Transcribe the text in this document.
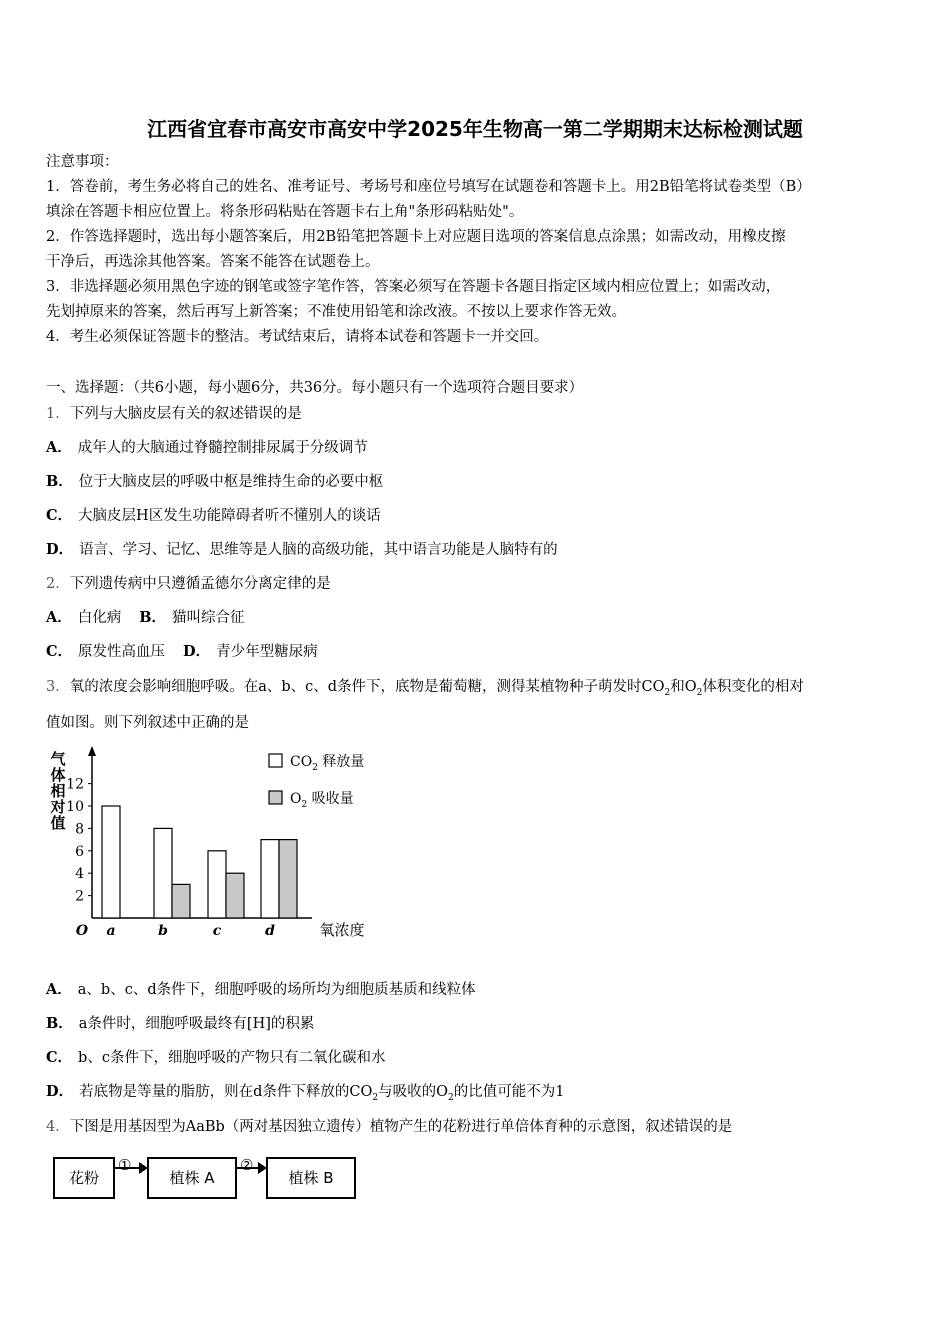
江西省宜春市高安市高安中学2025年生物高一第二学期期末达标检测试题
注意事项：
1．答卷前，考生务必将自己的姓名、准考证号、考场号和座位号填写在试题卷和答题卡上。用2B铅笔将试卷类型（B）
填涂在答题卡相应位置上。将条形码粘贴在答题卡右上角"条形码粘贴处"。
2．作答选择题时，选出每小题答案后，用2B铅笔把答题卡上对应题目选项的答案信息点涂黑；如需改动，用橡皮擦
干净后，再选涂其他答案。答案不能答在试题卷上。
3．非选择题必须用黑色字迹的钢笔或签字笔作答，答案必须写在答题卡各题目指定区域内相应位置上；如需改动，
先划掉原来的答案，然后再写上新答案；不准使用铅笔和涂改液。不按以上要求作答无效。
4．考生必须保证答题卡的整洁。考试结束后，请将本试卷和答题卡一并交回。
一、选择题：（共6小题，每小题6分，共36分。每小题只有一个选项符合题目要求）
1．下列与大脑皮层有关的叙述错误的是
A． 成年人的大脑通过脊髓控制排尿属于分级调节
B． 位于大脑皮层的呼吸中枢是维持生命的必要中枢
C． 大脑皮层H区发生功能障碍者听不懂别人的谈话
D． 语言、学习、记忆、思维等是人脑的高级功能，其中语言功能是人脑特有的
2．下列遗传病中只遵循孟德尔分离定律的是
A． 白化病 B． 猫叫综合征
C． 原发性高血压 D． 青少年型糖尿病
3．氧的浓度会影响细胞呼吸。在a、b、c、d条件下，底物是葡萄糖，测得某植物种子萌发时$CO_2$和$O_2$体积变化的相对
值如图。则下列叙述中正确的是
气
体
相
对
值
2
4
6
8
10
12
O a	b	c	d	氧浓度
$CO_2$ 释放量
$O_2$ 吸收量
A． a、b、c、d条件下，细胞呼吸的场所均为细胞质基质和线粒体
B． a条件时，细胞呼吸最终有[H]的积累
C． b、c条件下，细胞呼吸的产物只有二氧化碳和水
D． 若底物是等量的脂肪，则在d条件下释放的$CO_2$与吸收的$O_2$的比值可能不为1
4．下图是用基因型为AaBb（两对基因独立遗传）植物产生的花粉进行单倍体育种的示意图，叙述错误的是
花粉
①
植株 A
②
植株 B
